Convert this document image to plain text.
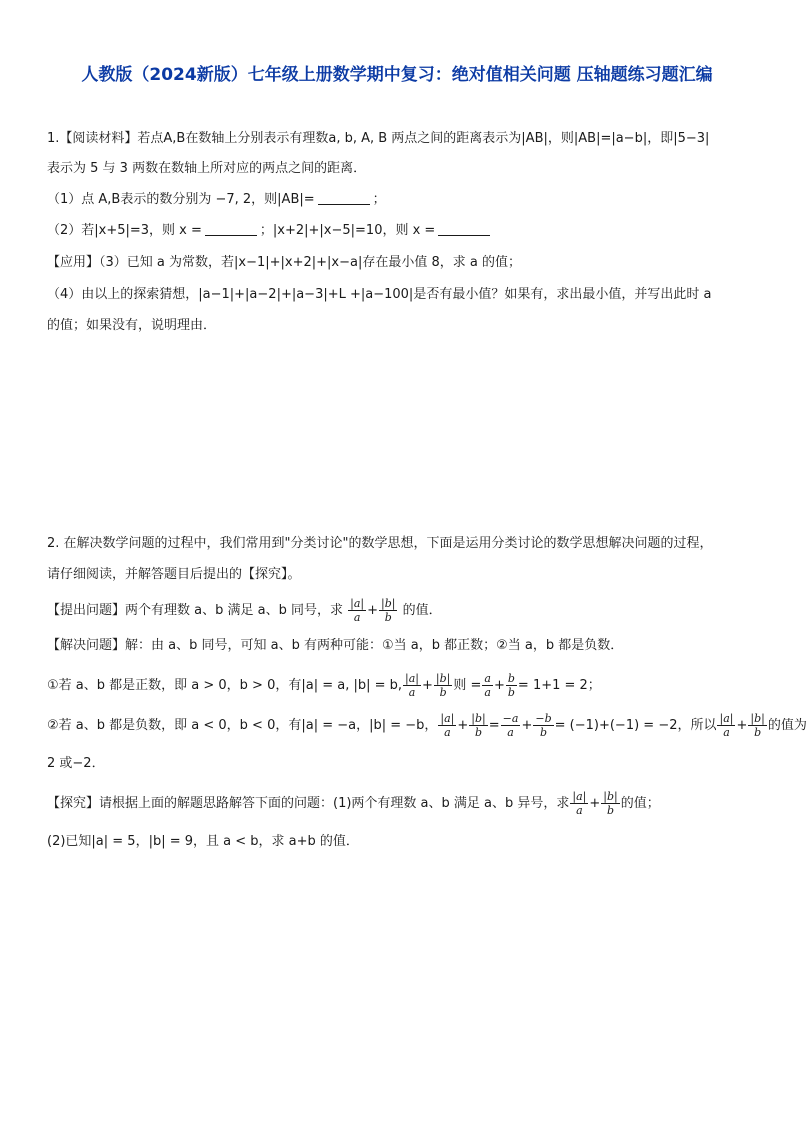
人教版（2024新版）七年级上册数学期中复习：绝对值相关问题 压轴题练习题汇编
1.【阅读材料】若点A,B在数轴上分别表示有理数a, b, A, B 两点之间的距离表示为|AB|，则|AB|=|a−b|，即|5−3|
表示为 5 与 3 两数在数轴上所对应的两点之间的距离．
（1）点 A,B表示的数分别为 −7, 2，则|AB|=	；
（2）若|x+5|=3，则 x =	；|x+2|+|x−5|=10，则 x =
【应用】（3）已知 a 为常数，若|x−1|+|x+2|+|x−a|存在最小值 8，求 a 的值；
（4）由以上的探索猜想，|a−1|+|a−2|+|a−3|+L +|a−100|是否有最小值？如果有，求出最小值，并写出此时 a
的值；如果没有，说明理由．
2. 在解决数学问题的过程中，我们常用到"分类讨论"的数学思想，下面是运用分类讨论的数学思想解决问题的过程，
请仔细阅读，并解答题目后提出的【探究】。
【提出问题】两个有理数 a、b 满足 a、b 同号，求 $\frac{|a|}{a} + \frac{|b|}{b}$ 的值．
【解决问题】解：由 a、b 同号，可知 a、b 有两种可能：①当 a，b 都正数；②当 a，b 都是负数．
①若 a、b 都是正数，即 a > 0，b > 0，有|a| = a, |b| = b, $\frac{|a|}{a} + \frac{|b|}{b}$ 则 = $\frac{a}{a} + \frac{b}{b} = 1+1 = 2$；
②若 a、b 都是负数，即 a < 0，b < 0，有|a| = −a，|b| = −b， $\frac{|a|}{a} + \frac{|b|}{b} = \frac{-a}{a} + \frac{-b}{b} = (-1)+(-1) = -2$，所以 $\frac{|a|}{a} + \frac{|b|}{b}$ 的值为
2 或−2．
【探究】请根据上面的解题思路解答下面的问题：(1)两个有理数 a、b 满足 a、b 异号，求 $\frac{|a|}{a} + \frac{|b|}{b}$ 的值；
(2)已知|a| = 5，|b| = 9，且 a < b，求 a+b 的值．
